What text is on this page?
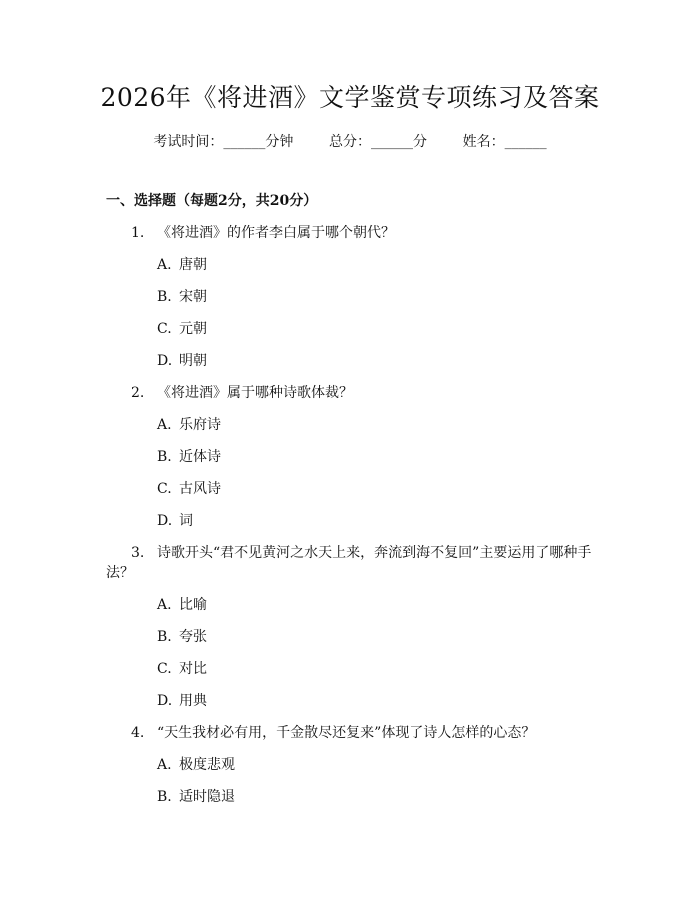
2026年《将进酒》文学鉴赏专项练习及答案
考试时间：______分钟	总分：______分	姓名：______
一、选择题（每题2分，共20分）
1. 《将进酒》的作者李白属于哪个朝代？
A. 唐朝
B. 宋朝
C. 元朝
D. 明朝
2. 《将进酒》属于哪种诗歌体裁？
A. 乐府诗
B. 近体诗
C. 古风诗
D. 词
3. 诗歌开头“君不见黄河之水天上来，奔流到海不复回”主要运用了哪种手
法？
A. 比喻
B. 夸张
C. 对比
D. 用典
4. “天生我材必有用，千金散尽还复来”体现了诗人怎样的心态？
A. 极度悲观
B. 适时隐退
